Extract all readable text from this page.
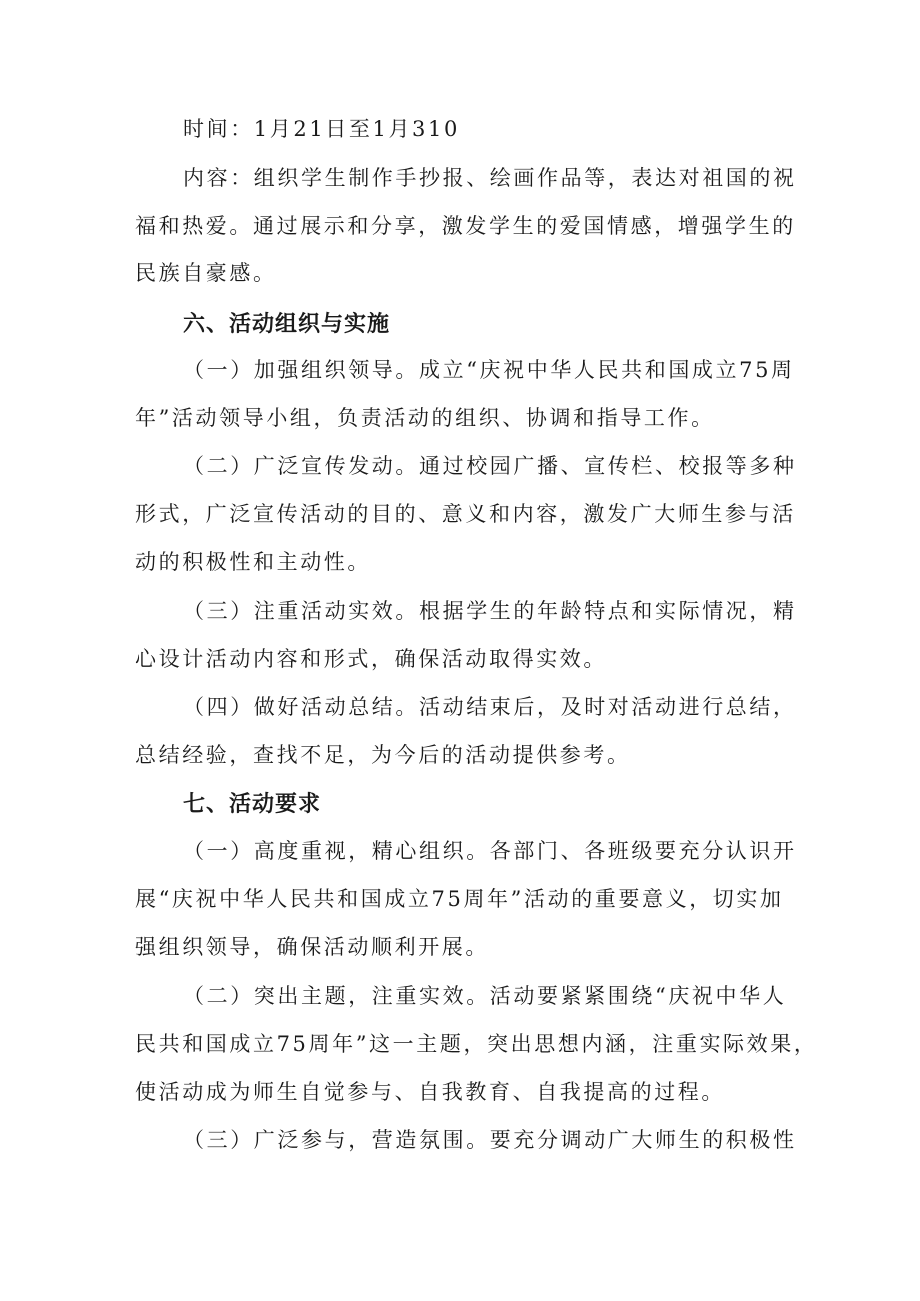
时间：1月21日至1月310

内容：组织学生制作手抄报、绘画作品等，表达对祖国的祝

福和热爱。通过展示和分享，激发学生的爱国情感，增强学生的

民族自豪感。

六、活动组织与实施

（一）加强组织领导。成立“庆祝中华人民共和国成立75周

年”活动领导小组，负责活动的组织、协调和指导工作。

（二）广泛宣传发动。通过校园广播、宣传栏、校报等多种

形式，广泛宣传活动的目的、意义和内容，激发广大师生参与活

动的积极性和主动性。

（三）注重活动实效。根据学生的年龄特点和实际情况，精

心设计活动内容和形式，确保活动取得实效。

（四）做好活动总结。活动结束后，及时对活动进行总结，

总结经验，查找不足，为今后的活动提供参考。

七、活动要求

（一）高度重视，精心组织。各部门、各班级要充分认识开

展“庆祝中华人民共和国成立75周年”活动的重要意义，切实加

强组织领导，确保活动顺利开展。

（二）突出主题，注重实效。活动要紧紧围绕“庆祝中华人

民共和国成立75周年”这一主题，突出思想内涵，注重实际效果，

使活动成为师生自觉参与、自我教育、自我提高的过程。

（三）广泛参与，营造氛围。要充分调动广大师生的积极性
